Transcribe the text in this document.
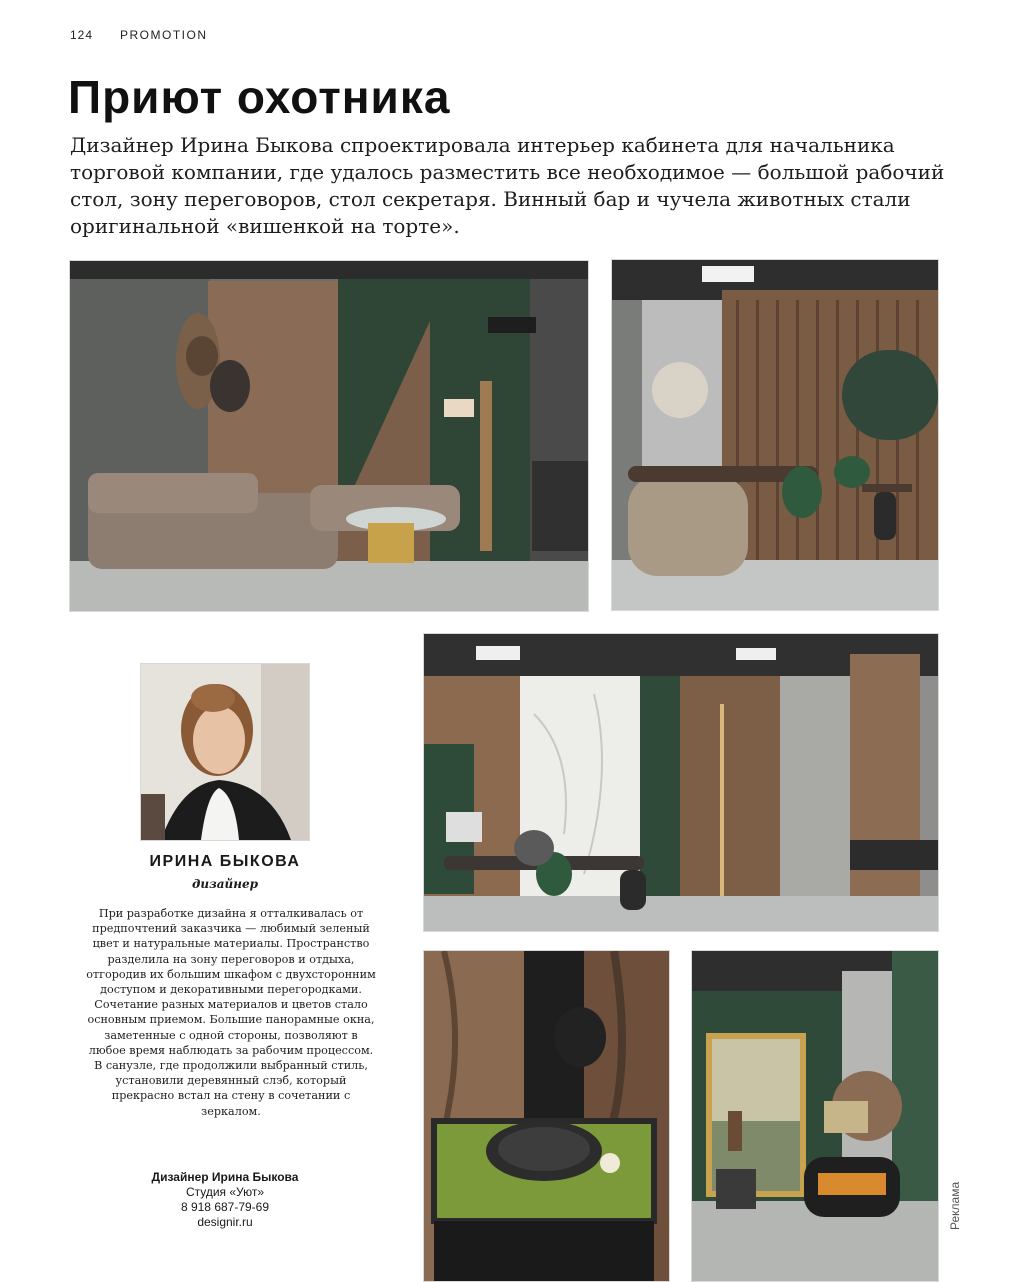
124 PROMOTION
Приют охотника

Дизайнер Ирина Быкова спроектировала интерьер кабинета для начальника торговой компании, где удалось разместить все необходимое — большой рабочий стол, зону переговоров, стол секретаря. Винный бар и чучела животных стали оригинальной «вишенкой на торте».

ИРИНА БЫКОВА
дизайнер
При разработке дизайна я отталкивалась от предпочтений заказчика — любимый зеленый цвет и натуральные материалы. Пространство разделила на зону переговоров и отдыха, отгородив их большим шкафом с двухсторонним доступом и декоративными перегородками. Сочетание разных материалов и цветов стало основным приемом. Большие панорамные окна, заметенные с одной стороны, позволяют в любое время наблюдать за рабочим процессом. В санузле, где продолжили выбранный стиль, установили деревянный слэб, который прекрасно встал на стену в сочетании с зеркалом.
Дизайнер Ирина Быкова
Студия «Уют»
8 918 687-79-69
designir.ru	Реклама
